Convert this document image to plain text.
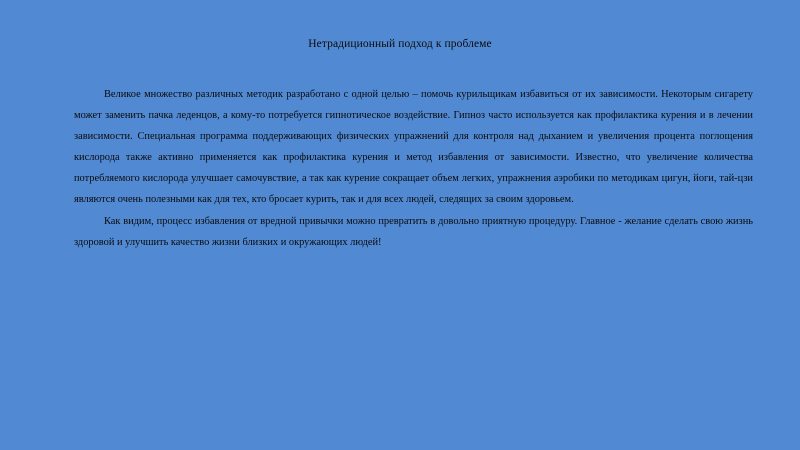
Нетрадиционный подход к проблеме

Великое множество различных методик разработано с одной целью – помочь курильщикам избавиться от их зависимости. Некоторым сигарету может заменить пачка леденцов, а кому-то потребуется гипнотическое воздействие. Гипноз часто используется как профилактика курения и в лечении зависимости. Специальная программа поддерживающих физических упражнений для контроля над дыханием и увеличения процента поглощения кислорода также активно применяется как профилактика курения и метод избавления от зависимости. Известно, что увеличение количества потребляемого кислорода улучшает самочувствие, а так как курение сокращает объем легких, упражнения аэробики по методикам цигун, йоги, тай-цзи являются очень полезными как для тех, кто бросает курить, так и для всех людей, следящих за своим здоровьем.

Как видим, процесс избавления от вредной привычки можно превратить в довольно приятную процедуру. Главное - желание сделать свою жизнь здоровой и улучшить качество жизни близких и окружающих людей!
